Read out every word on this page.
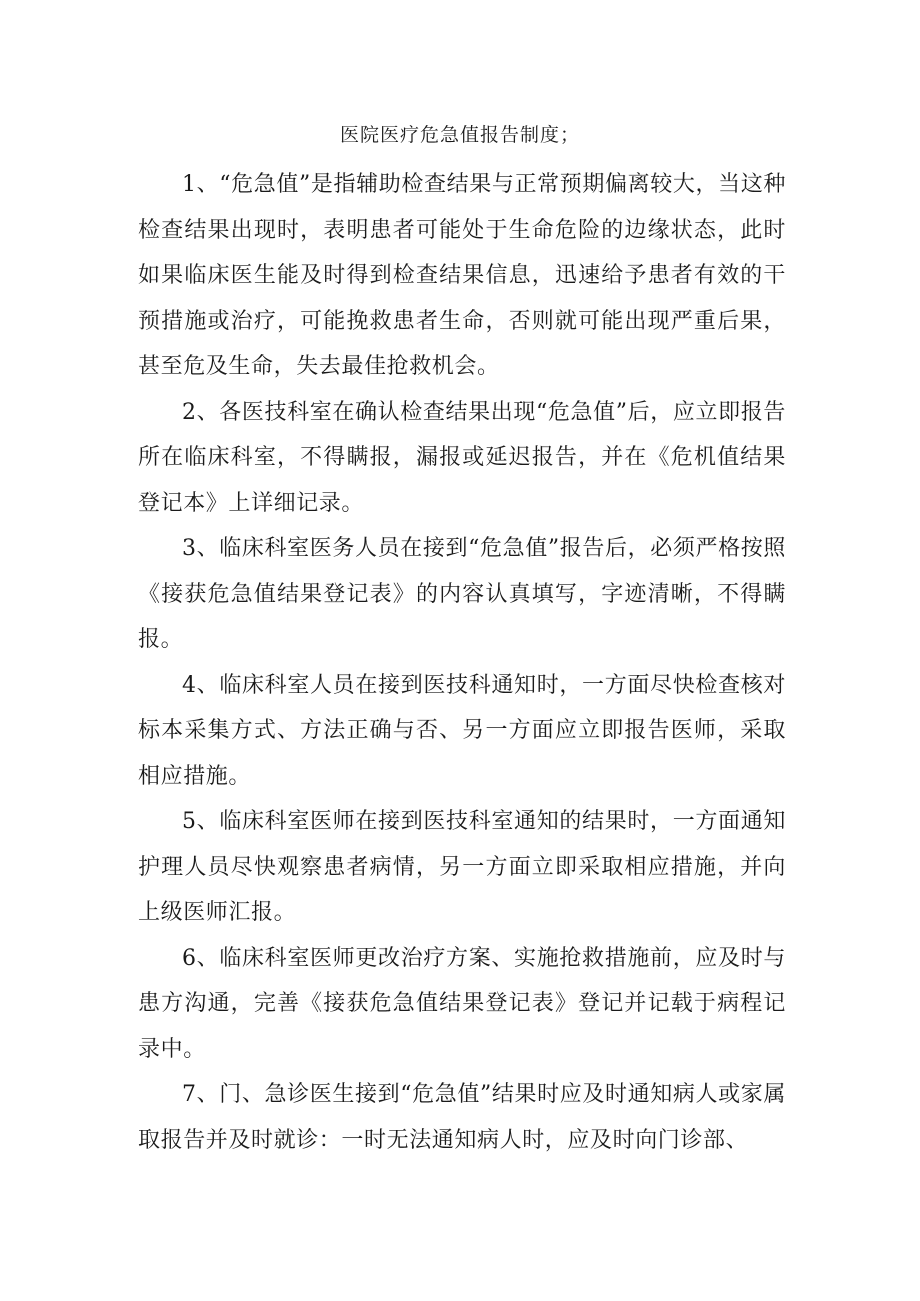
医院医疗危急值报告制度；

1、“危急值”是指辅助检查结果与正常预期偏离较大，当这种检查结果出现时，表明患者可能处于生命危险的边缘状态，此时如果临床医生能及时得到检查结果信息，迅速给予患者有效的干预措施或治疗，可能挽救患者生命，否则就可能出现严重后果，甚至危及生命，失去最佳抢救机会。

2、各医技科室在确认检查结果出现“危急值”后，应立即报告所在临床科室，不得瞒报，漏报或延迟报告，并在《危机值结果登记本》上详细记录。

3、临床科室医务人员在接到“危急值”报告后，必须严格按照《接获危急值结果登记表》的内容认真填写，字迹清晰，不得瞒报。

4、临床科室人员在接到医技科通知时，一方面尽快检查核对标本采集方式、方法正确与否、另一方面应立即报告医师，采取相应措施。

5、临床科室医师在接到医技科室通知的结果时，一方面通知护理人员尽快观察患者病情，另一方面立即采取相应措施，并向上级医师汇报。

6、临床科室医师更改治疗方案、实施抢救措施前，应及时与患方沟通，完善《接获危急值结果登记表》登记并记载于病程记录中。

7、门、急诊医生接到“危急值”结果时应及时通知病人或家属取报告并及时就诊：一时无法通知病人时，应及时向门诊部、
